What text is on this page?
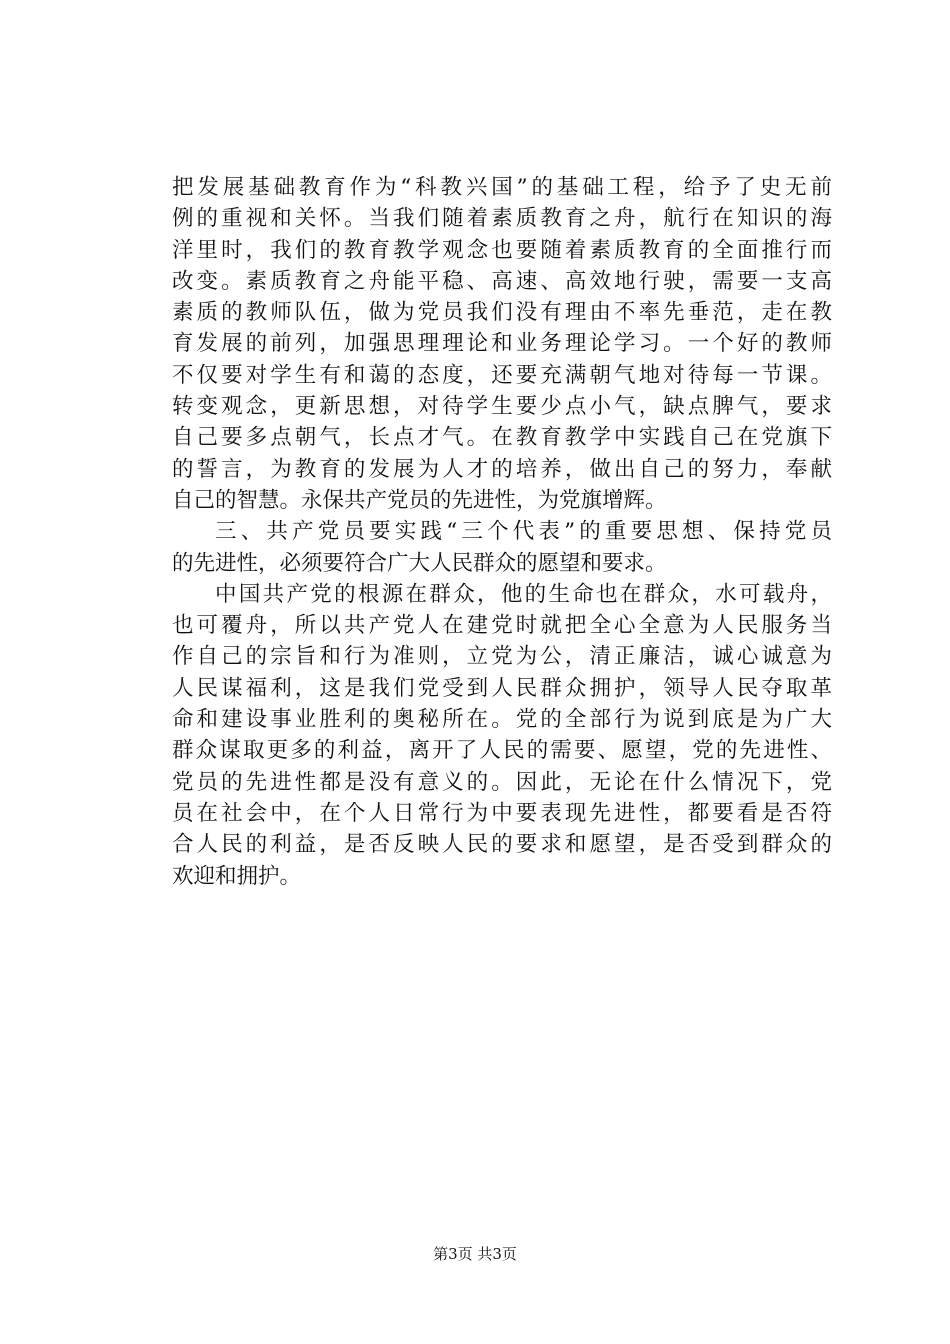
把发展基础教育作为“科教兴国”的基础工程，给予了史无前
例的重视和关怀。当我们随着素质教育之舟，航行在知识的海
洋里时，我们的教育教学观念也要随着素质教育的全面推行而
改变。素质教育之舟能平稳、高速、高效地行驶，需要一支高
素质的教师队伍，做为党员我们没有理由不率先垂范，走在教
育发展的前列，加强思理理论和业务理论学习。一个好的教师
不仅要对学生有和蔼的态度，还要充满朝气地对待每一节课。
转变观念，更新思想，对待学生要少点小气，缺点脾气，要求
自己要多点朝气，长点才气。在教育教学中实践自己在党旗下
的誓言，为教育的发展为人才的培养，做出自己的努力，奉献
自己的智慧。永保共产党员的先进性，为党旗增辉。
三、共产党员要实践“三个代表”的重要思想、保持党员
的先进性，必须要符合广大人民群众的愿望和要求。
中国共产党的根源在群众，他的生命也在群众，水可载舟，
也可覆舟，所以共产党人在建党时就把全心全意为人民服务当
作自己的宗旨和行为准则，立党为公，清正廉洁，诚心诚意为
人民谋福利，这是我们党受到人民群众拥护，领导人民夺取革
命和建设事业胜利的奥秘所在。党的全部行为说到底是为广大
群众谋取更多的利益，离开了人民的需要、愿望，党的先进性、
党员的先进性都是没有意义的。因此，无论在什么情况下，党
员在社会中，在个人日常行为中要表现先进性，都要看是否符
合人民的利益，是否反映人民的要求和愿望，是否受到群众的
欢迎和拥护。
第3页 共3页
